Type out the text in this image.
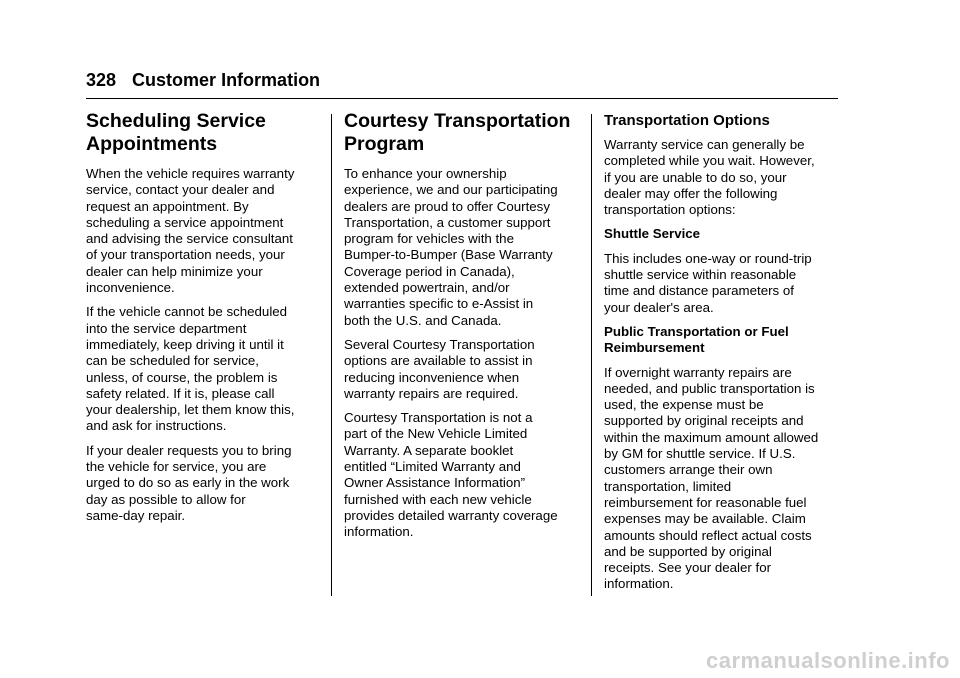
328 Customer Information
Scheduling Service
Appointments

When the vehicle requires warranty
service, contact your dealer and
request an appointment. By
scheduling a service appointment
and advising the service consultant
of your transportation needs, your
dealer can help minimize your
inconvenience.

If the vehicle cannot be scheduled
into the service department
immediately, keep driving it until it
can be scheduled for service,
unless, of course, the problem is
safety related. If it is, please call
your dealership, let them know this,
and ask for instructions.

If your dealer requests you to bring
the vehicle for service, you are
urged to do so as early in the work
day as possible to allow for
same-day repair.

Courtesy Transportation
Program

To enhance your ownership
experience, we and our participating
dealers are proud to offer Courtesy
Transportation, a customer support
program for vehicles with the
Bumper-to-Bumper (Base Warranty
Coverage period in Canada),
extended powertrain, and/or
warranties specific to e-Assist in
both the U.S. and Canada.

Several Courtesy Transportation
options are available to assist in
reducing inconvenience when
warranty repairs are required.

Courtesy Transportation is not a
part of the New Vehicle Limited
Warranty. A separate booklet
entitled “Limited Warranty and
Owner Assistance Information”
furnished with each new vehicle
provides detailed warranty coverage
information.

Transportation Options

Warranty service can generally be
completed while you wait. However,
if you are unable to do so, your
dealer may offer the following
transportation options:

Shuttle Service

This includes one-way or round-trip
shuttle service within reasonable
time and distance parameters of
your dealer's area.

Public Transportation or Fuel
Reimbursement

If overnight warranty repairs are
needed, and public transportation is
used, the expense must be
supported by original receipts and
within the maximum amount allowed
by GM for shuttle service. If U.S.
customers arrange their own
transportation, limited
reimbursement for reasonable fuel
expenses may be available. Claim
amounts should reflect actual costs
and be supported by original
receipts. See your dealer for
information.

carmanualsonline.info
